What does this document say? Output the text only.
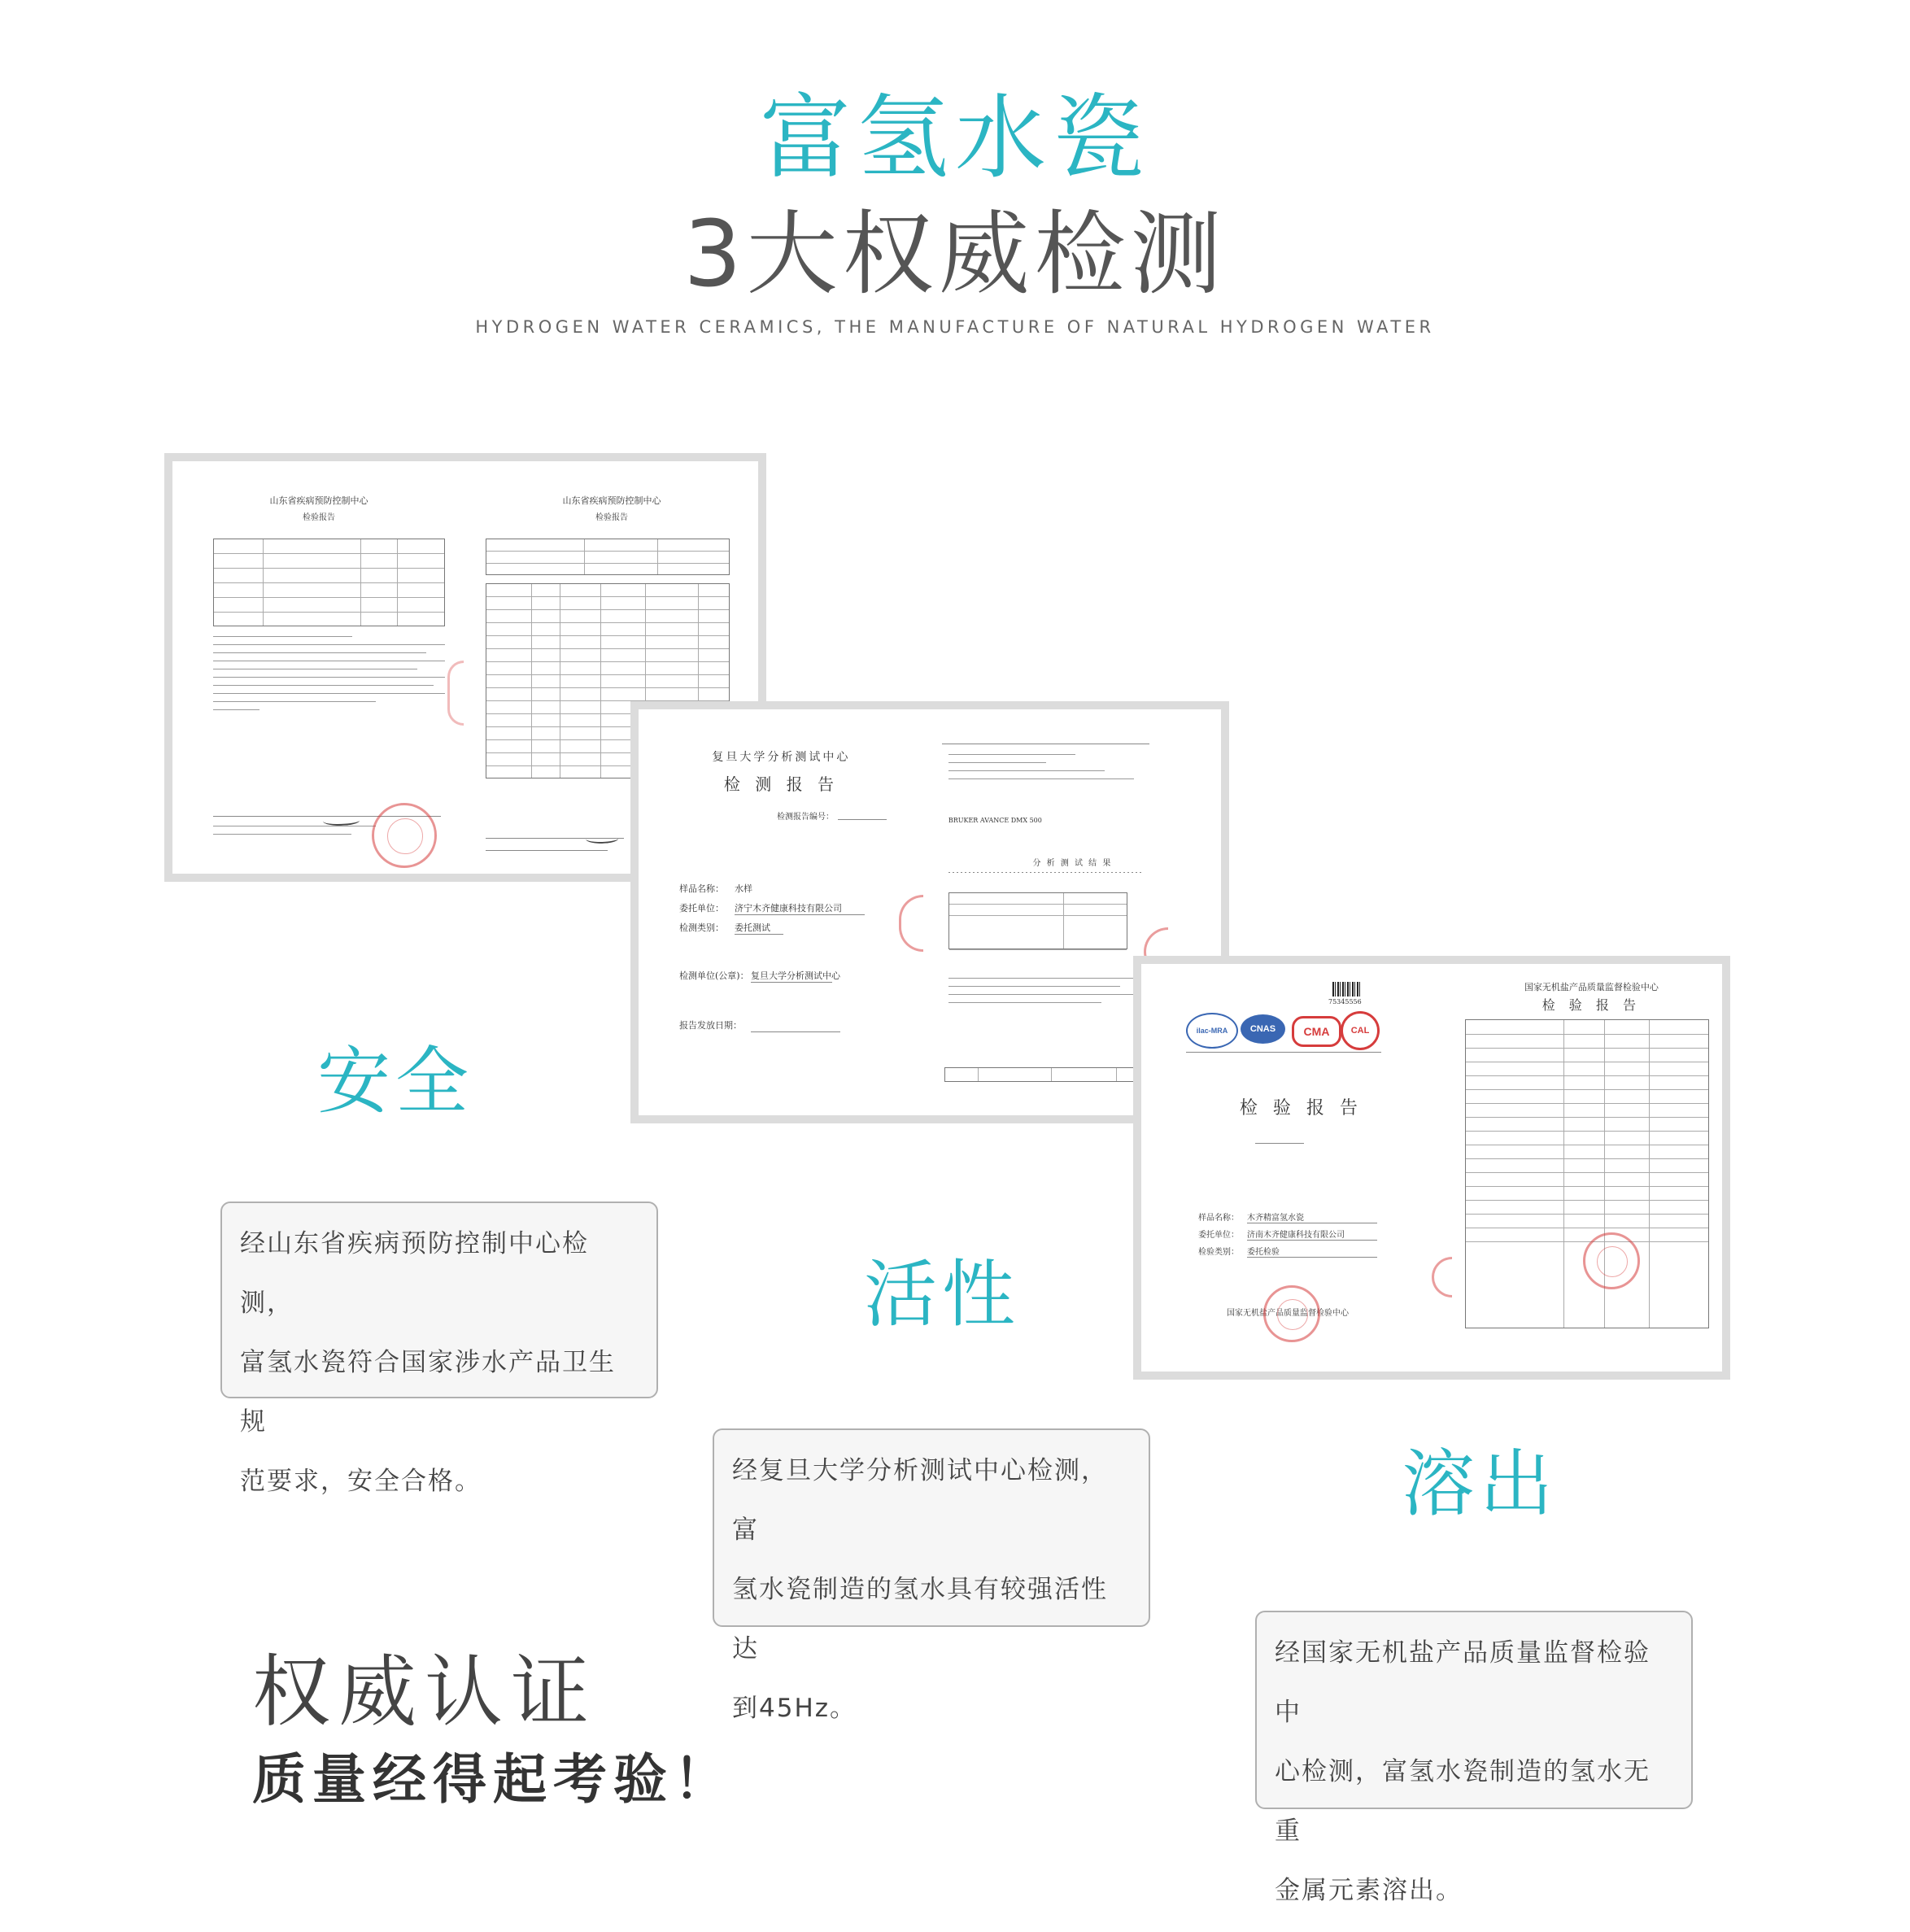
富氢水瓷
3大权威检测
HYDROGEN WATER CERAMICS, THE MANUFACTURE OF NATURAL HYDROGEN WATER
山东省疾病预防控制中心
检验报告
山东省疾病预防控制中心
检验报告
复旦大学分析测试中心
检 测 报 告
检测报告编号：
样品名称： 水样
委托单位： 济宁木齐健康科技有限公司
检测类别： 委托测试
检测单位(公章)： 复旦大学分析测试中心
报告发放日期：
BRUKER AVANCE DMX 500
分 析 测 试 结 果
75345556
ilac-MRA	CNAS	CMA	CAL
检 验 报 告
样品名称： 木齐精富氢水瓷
委托单位： 济南木齐健康科技有限公司
检验类别： 委托检验
国家无机盐产品质量监督检验中心
国家无机盐产品质量监督检验中心
检 验 报 告
安全
经山东省疾病预防控制中心检测，
富氢水瓷符合国家涉水产品卫生规
范要求，安全合格。
活性
经复旦大学分析测试中心检测，富
氢水瓷制造的氢水具有较强活性达
到45Hz。
溶出
经国家无机盐产品质量监督检验中
心检测，富氢水瓷制造的氢水无重
金属元素溶出。
权威认证
质量经得起考验！
